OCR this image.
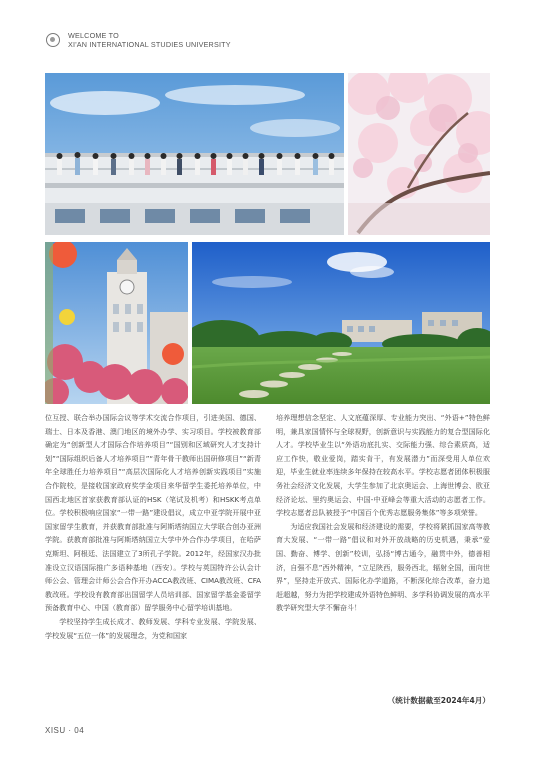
WELCOME TO
XI'AN INTERNATIONAL STUDIES UNIVERSITY

位互授、联合举办国际会议等学术交流合作项目，引进美国、德国、瑞士、日本及香港、澳门地区的境外办学、实习项目。学校被教育部确定为“创新型人才国际合作培养项目”“国别和区域研究人才支持计划”“国际组织后备人才培养项目”“青年骨干教师出国研修项目”“新青年全球胜任力培养项目”“高层次国际化人才培养创新实践项目”实施合作院校，是接收国家政府奖学金项目来华留学生委托培养单位，中国西北地区首家获教育部认证的HSK（笔试及机考）和HSKK考点单位。学校积极响应国家“一带一路”建设倡议，成立中亚学院开展中亚国家留学生教育，并获教育部批准与阿斯塔纳国立大学联合创办亚洲学院。获教育部批准与阿斯塔纳国立大学中外合作办学项目，在哈萨克斯坦、阿根廷、法国建立了3所孔子学院。2012年，经国家汉办批准设立汉语国际推广多语种基地（西安）。学校与英国特许公认会计师公会、管理会计师公会合作开办ACCA教改班、CIMA教改班、CFA教改班。学校设有教育部出国留学人员培训部、国家留学基金委留学预备教育中心、中国（教育部）留学服务中心留学培训基地。

学校坚持学生成长成才、教师发展、学科专业发展、学院发展、学校发展“五位一体”的发展理念，为党和国家

培养理想信念坚定、人文底蕴深厚、专业能力突出、“外语+”特色鲜明，兼具家国情怀与全球视野，创新意识与实践能力的复合型国际化人才。学校毕业生以“外语功底扎实、交际能力强、综合素质高，适应工作快，敬业爱岗，踏实肯干，有发展潜力”而深受用人单位欢迎，毕业生就业率连续多年保持在较高水平。学校志愿者团体积极服务社会经济文化发展，大学生参加了北京奥运会、上海世博会、欧亚经济论坛、里约奥运会、中国-中亚峰会等重大活动的志愿者工作。学校志愿者总队被授予“中国百个优秀志愿服务集体”等多项荣誉。

为适应我国社会发展和经济建设的需要，学校将紧抓国家高等教育大发展、“一带一路”倡议和对外开放战略的历史机遇，秉承“爱国、勤奋、博学、创新”校训，弘扬“博古通今，融贯中外，德善相济，自强不息”西外精神，“立足陕西，服务西北，辐射全国，面向世界”，坚持走开放式、国际化办学道路，不断深化综合改革，奋力追赶超越，努力为把学校建成外语特色鲜明、多学科协调发展的高水平教学研究型大学不懈奋斗！

（统计数据截至2024年4月）
XISU · 04
